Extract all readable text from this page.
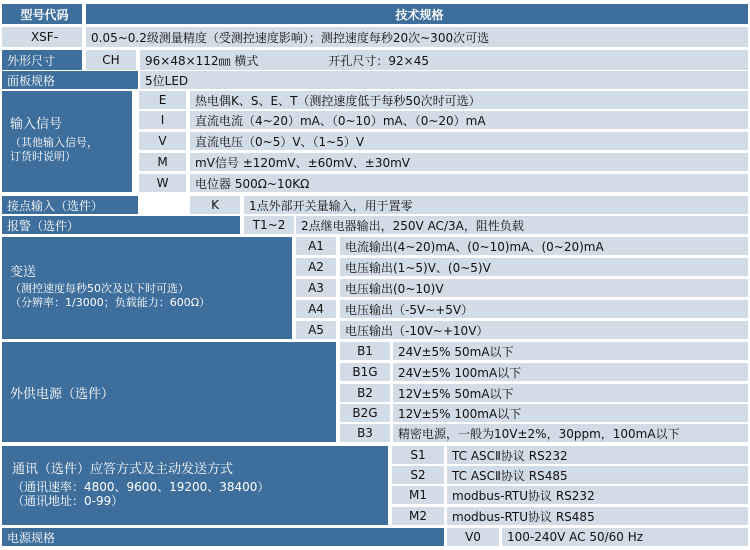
型号代码	技术规格
XSF-	0.05~0.2级测量精度（受测控速度影响）；测控速度每秒20次~300次可选
外形尺寸	CH	96×48×112㎜ 横式	开孔尺寸：92×45
面板规格	5位LED
输入信号
（其他输入信号，
订货时说明）
E	热电偶K、S、E、T（测控速度低于每秒50次时可选）
I	直流电流（4~20）mA、（0~10）mA、（0~20）mA
V	直流电压（0~5）V、（1~5）V
M	mV信号 ±120mV、±60mV、±30mV
W	电位器 500Ω~10KΩ
接点输入（选件）	K	1点外部开关量输入，用于置零
报警（选件）	T1~2	2点继电器输出，250V AC/3A，阻性负载
变送
（测控速度每秒50次及以下时可选）
（分辨率：1/3000；负载能力：600Ω）
A1	电流输出(4~20)mA、(0~10)mA、(0~20)mA
A2	电压输出(1~5)V、(0~5)V
A3	电压输出(0~10)V
A4	电压输出（-5V~+5V）
A5	电压输出（-10V~+10V）
外供电源（选件）
B1	24V±5% 50mA以下
B1G	24V±5% 100mA以下
B2	12V±5% 50mA以下
B2G	12V±5% 100mA以下
B3	精密电源，一般为10V±2%，30ppm，100mA以下
通讯（选件）应答方式及主动发送方式
（通讯速率：4800、9600、19200、38400）
（通讯地址：0-99）
S1	TC ASCⅡ协议 RS232
S2	TC ASCⅡ协议 RS485
M1	modbus-RTU协议 RS232
M2	modbus-RTU协议 RS485
电源规格	V0	100-240V AC 50/60 Hz
